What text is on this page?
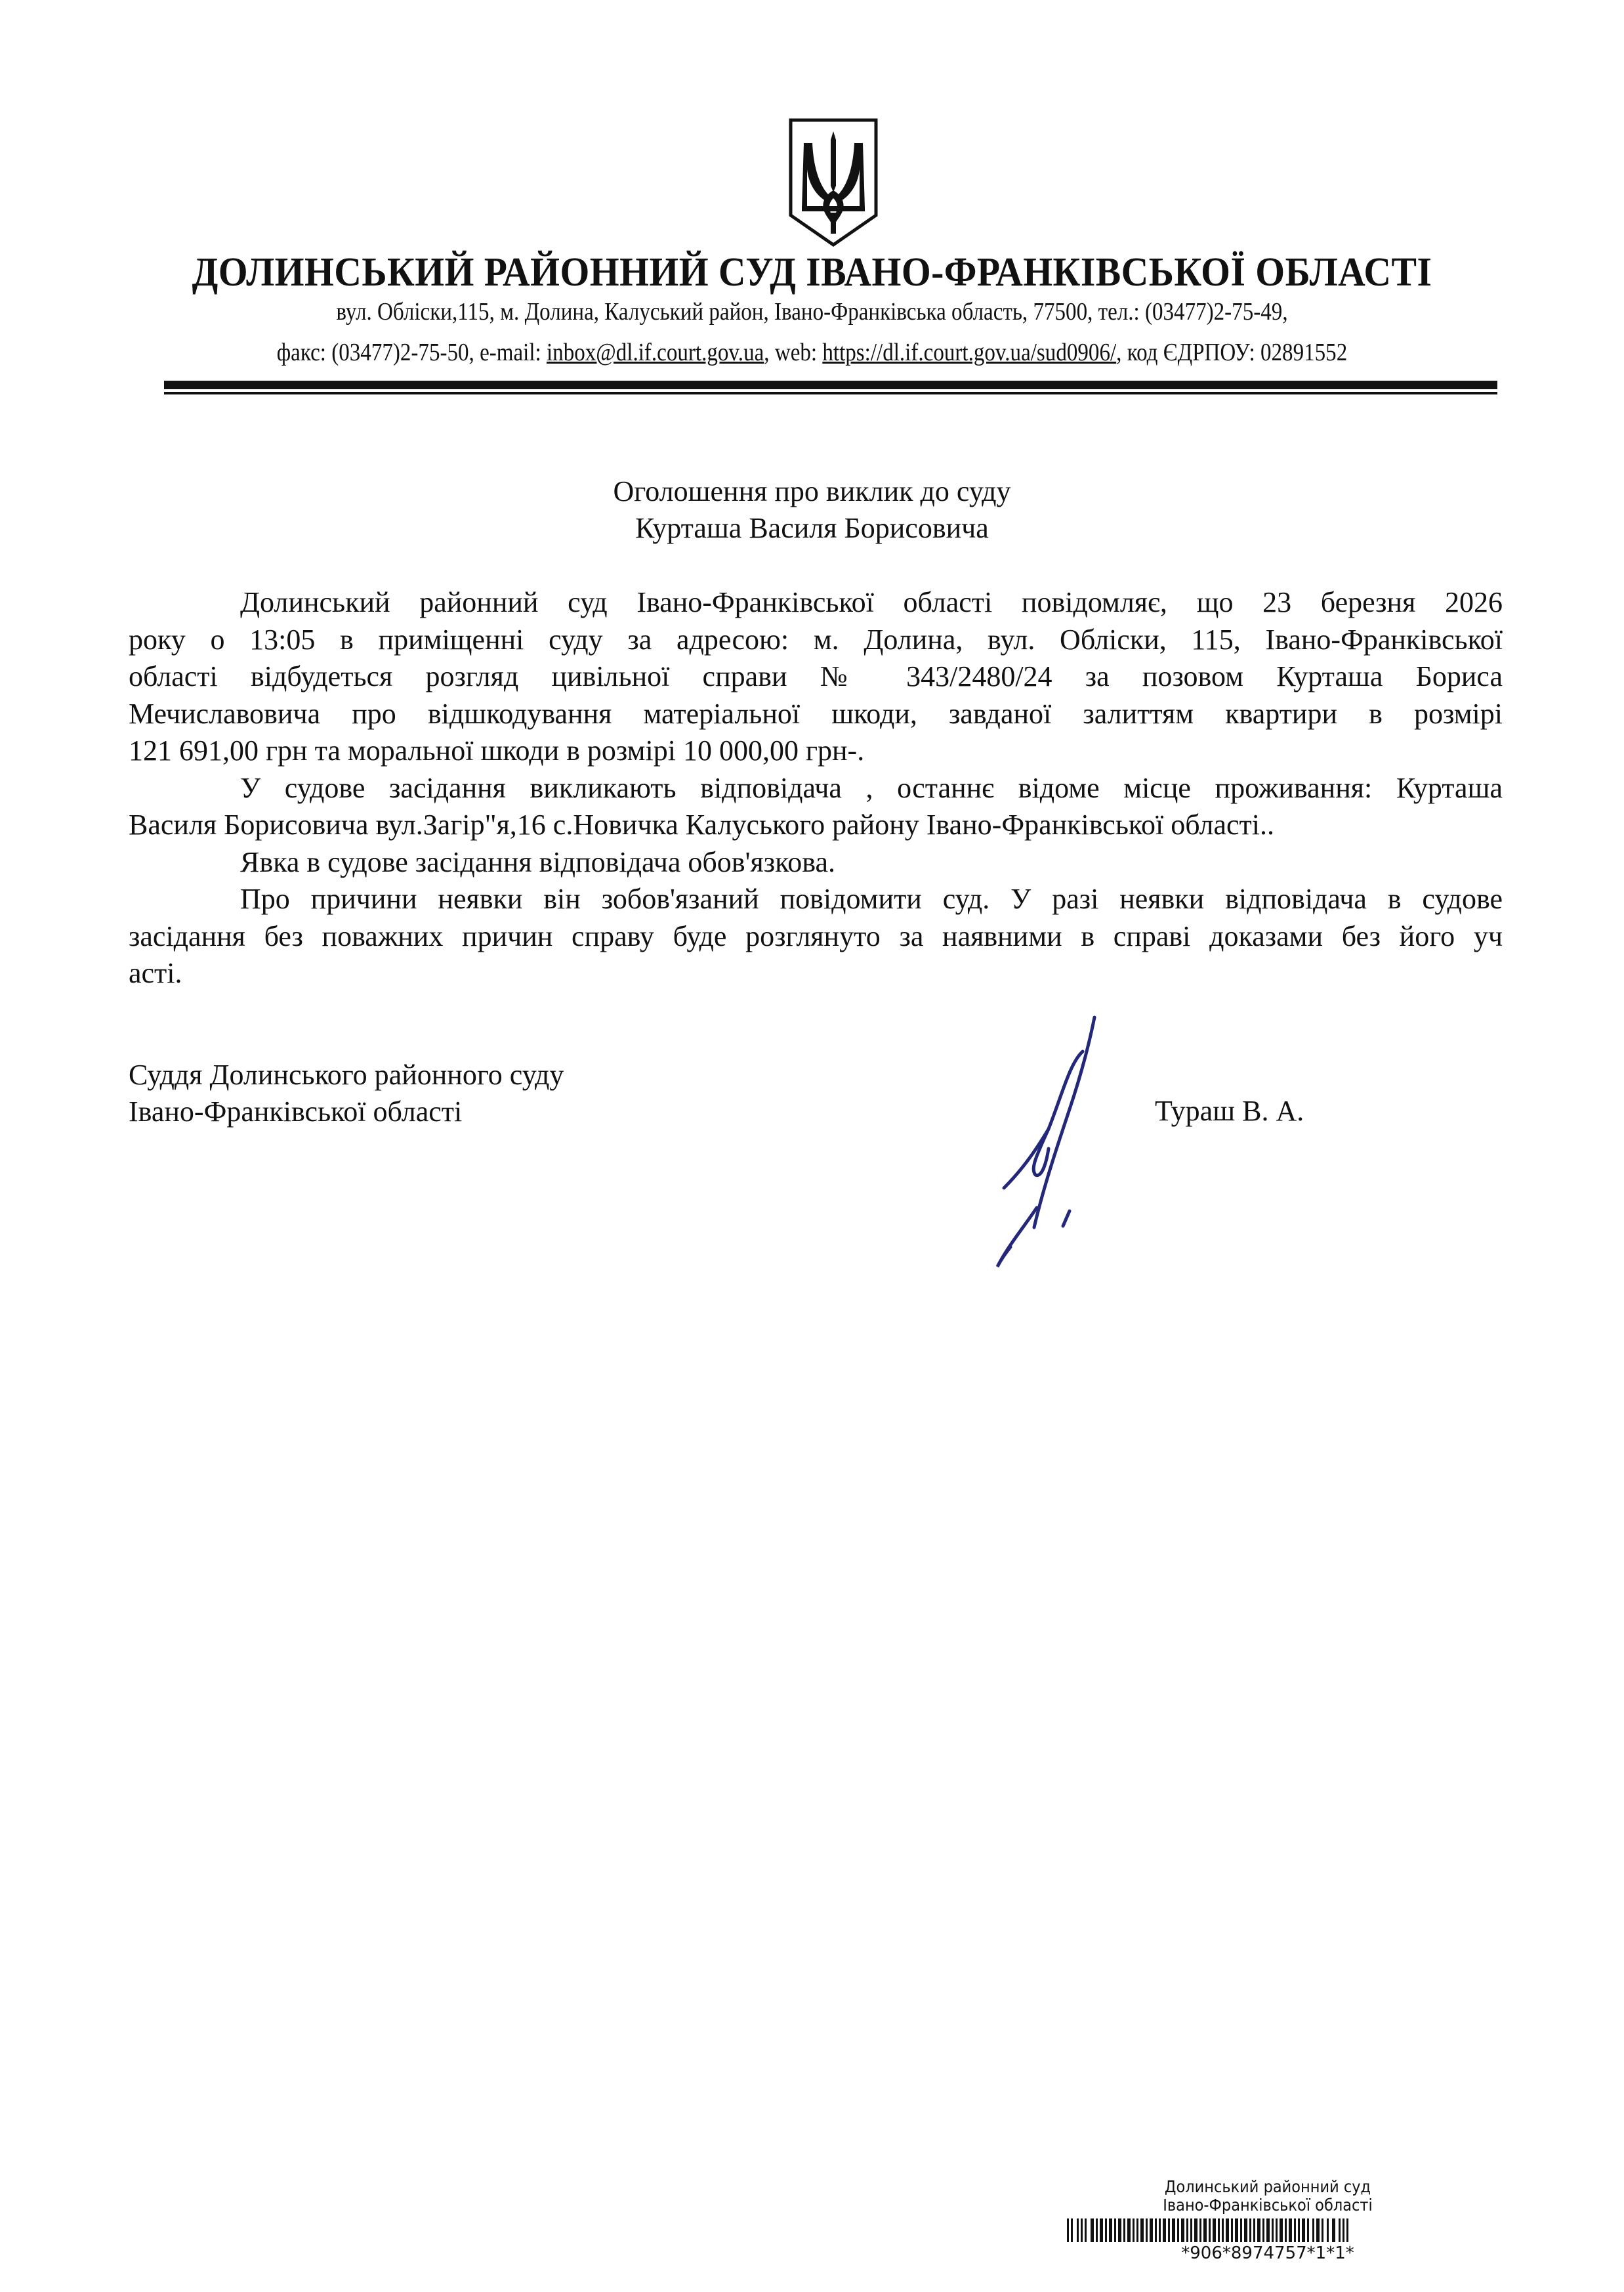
ДОЛИНСЬКИЙ РАЙОННИЙ СУД ІВАНО-ФРАНКІВСЬКОЇ ОБЛАСТІ
вул. Обліски,115, м. Долина, Калуський район, Івано-Франківська область, 77500, тел.: (03477)2-75-49,
факс: (03477)2-75-50, e-mail: inbox@dl.if.court.gov.ua, web: https://dl.if.court.gov.ua/sud0906/, код ЄДРПОУ: 02891552
Оголошення про виклик до суду
Курташа Василя Борисовича
Долинський районний суд Івано-Франківської області повідомляє, що 23 березня 2026
року о 13:05 в приміщенні суду за адресою: м. Долина, вул. Обліски, 115, Івано-Франківської
області відбудеться розгляд цивільної справи № 343/2480/24 за позовом Курташа Бориса
Мечиславовича про відшкодування матеріальної шкоди, завданої залиттям квартири в розмірі
121 691,00 грн та моральної шкоди в розмірі 10 000,00 грн-.
У судове засідання викликають відповідача , останнє відоме місце проживання: Курташа
Василя Борисовича вул.Загір"я,16 с.Новичка Калуського району Івано-Франківської області..
Явка в судове засідання відповідача обов'язкова.
Про причини неявки він зобов'язаний повідомити суд. У разі неявки відповідача в судове
засідання без поважних причин справу буде розглянуто за наявними в справі доказами без його уч
асті.
Суддя Долинського районного суду
Івано-Франківської області	Тураш В. А.
Долинський районний суд
Івано-Франківської області
*906*8974757*1*1*
